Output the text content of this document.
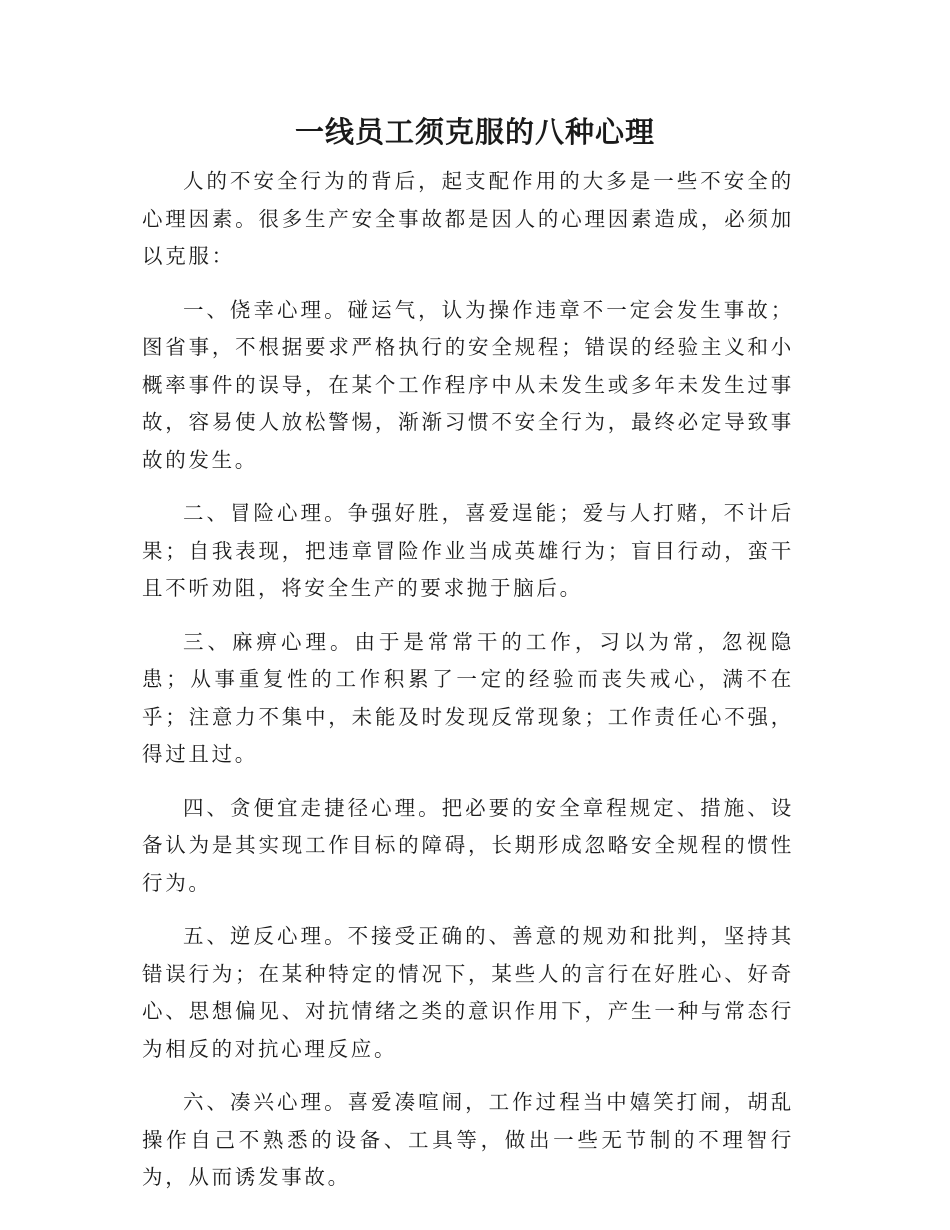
一线员工须克服的八种心理

人的不安全行为的背后，起支配作用的大多是一些不安全的心理因素。很多生产安全事故都是因人的心理因素造成，必须加以克服：

一、侥幸心理。碰运气，认为操作违章不一定会发生事故；图省事，不根据要求严格执行的安全规程；错误的经验主义和小概率事件的误导，在某个工作程序中从未发生或多年未发生过事故，容易使人放松警惕，渐渐习惯不安全行为，最终必定导致事故的发生。

二、冒险心理。争强好胜，喜爱逞能；爱与人打赌，不计后果；自我表现，把违章冒险作业当成英雄行为；盲目行动，蛮干且不听劝阻，将安全生产的要求抛于脑后。

三、麻痹心理。由于是常常干的工作，习以为常，忽视隐患；从事重复性的工作积累了一定的经验而丧失戒心，满不在乎；注意力不集中，未能及时发现反常现象；工作责任心不强，得过且过。

四、贪便宜走捷径心理。把必要的安全章程规定、措施、设备认为是其实现工作目标的障碍，长期形成忽略安全规程的惯性行为。

五、逆反心理。不接受正确的、善意的规劝和批判，坚持其错误行为；在某种特定的情况下，某些人的言行在好胜心、好奇心、思想偏见、对抗情绪之类的意识作用下，产生一种与常态行为相反的对抗心理反应。

六、凑兴心理。喜爱凑喧闹，工作过程当中嬉笑打闹，胡乱操作自己不熟悉的设备、工具等，做出一些无节制的不理智行为，从而诱发事故。
